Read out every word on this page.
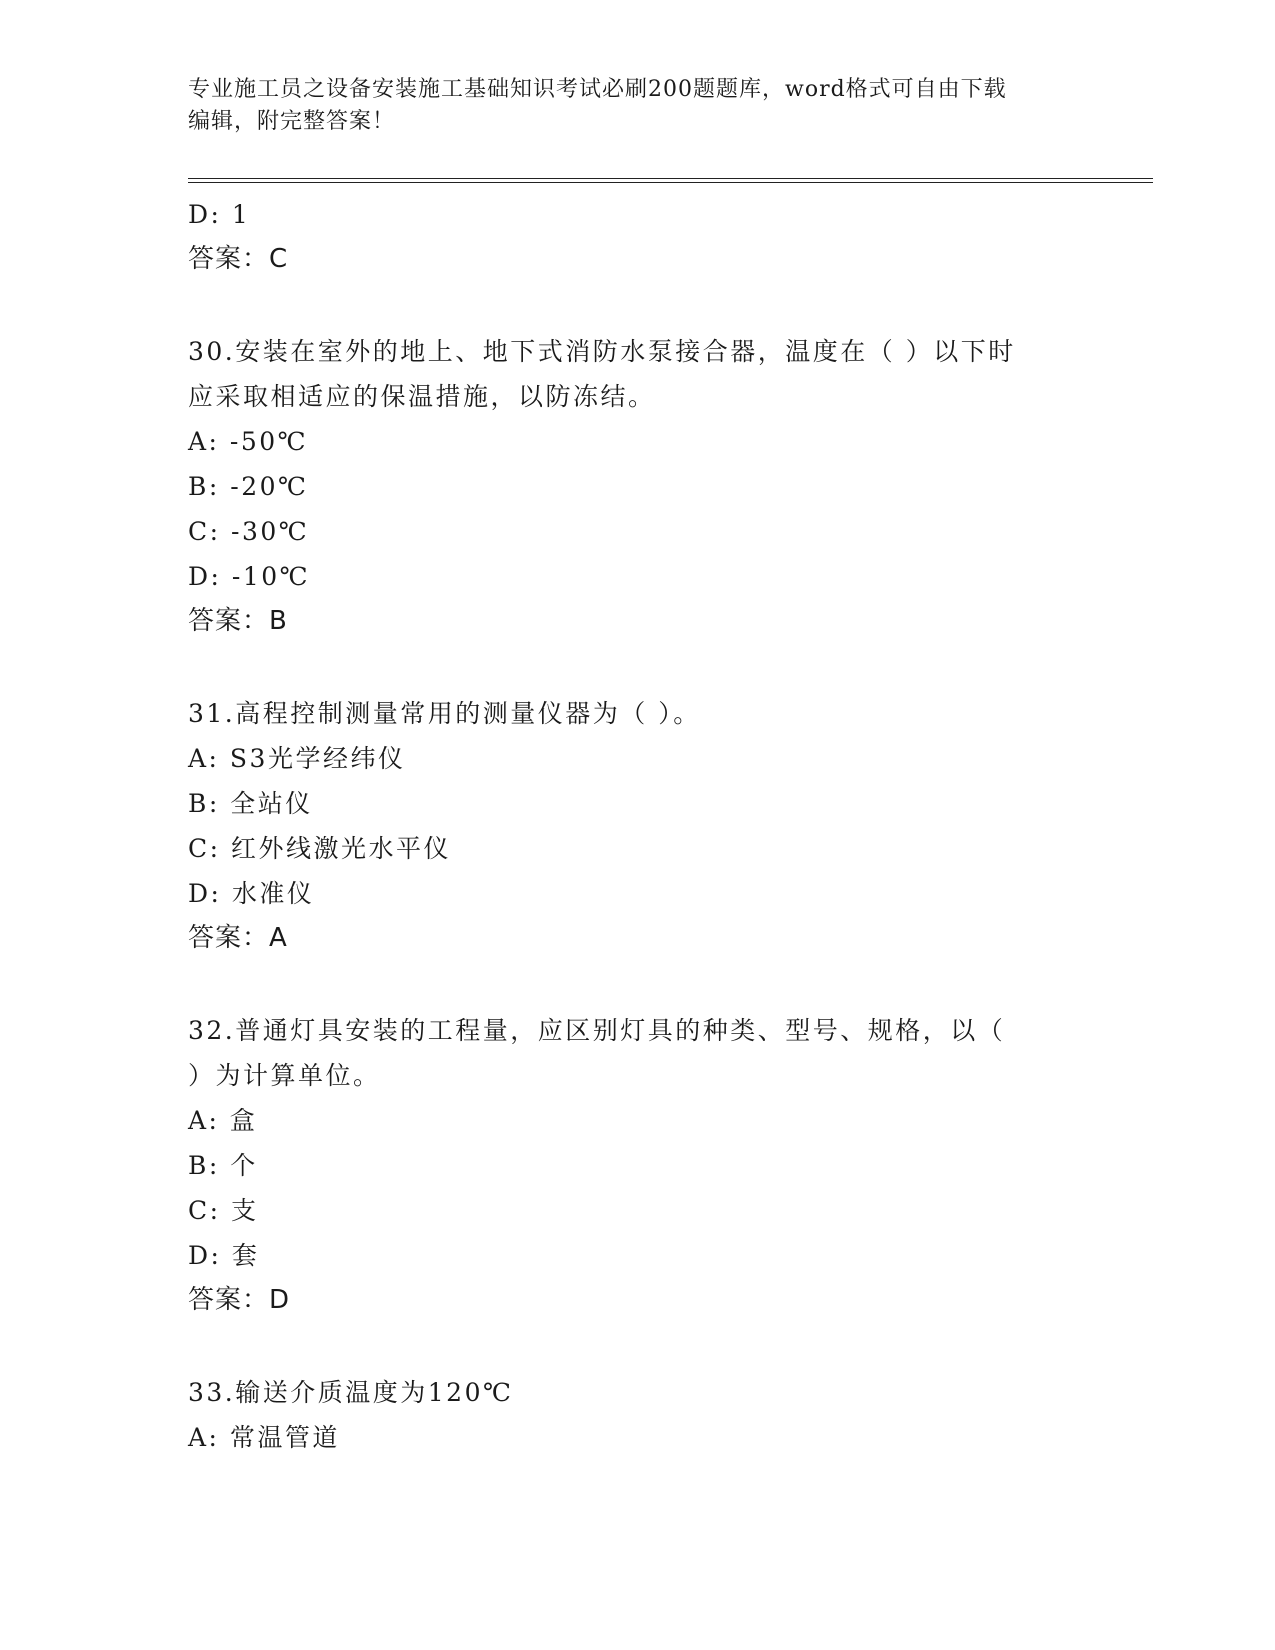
专业施工员之设备安装施工基础知识考试必刷200题题库，word格式可自由下载
编辑，附完整答案！
D: 1
答案：C
30.安装在室外的地上、地下式消防水泵接合器，温度在（ ）以下时
应采取相适应的保温措施，以防冻结。
A: -50℃
B: -20℃
C: -30℃
D: -10℃
答案：B
31.高程控制测量常用的测量仪器为（ ）。
A: S3光学经纬仪
B: 全站仪
C: 红外线激光水平仪
D: 水准仪
答案：A
32.普通灯具安装的工程量，应区别灯具的种类、型号、规格，以（
）为计算单位。
A: 盒
B: 个
C: 支
D: 套
答案：D
33.输送介质温度为120℃
A: 常温管道
